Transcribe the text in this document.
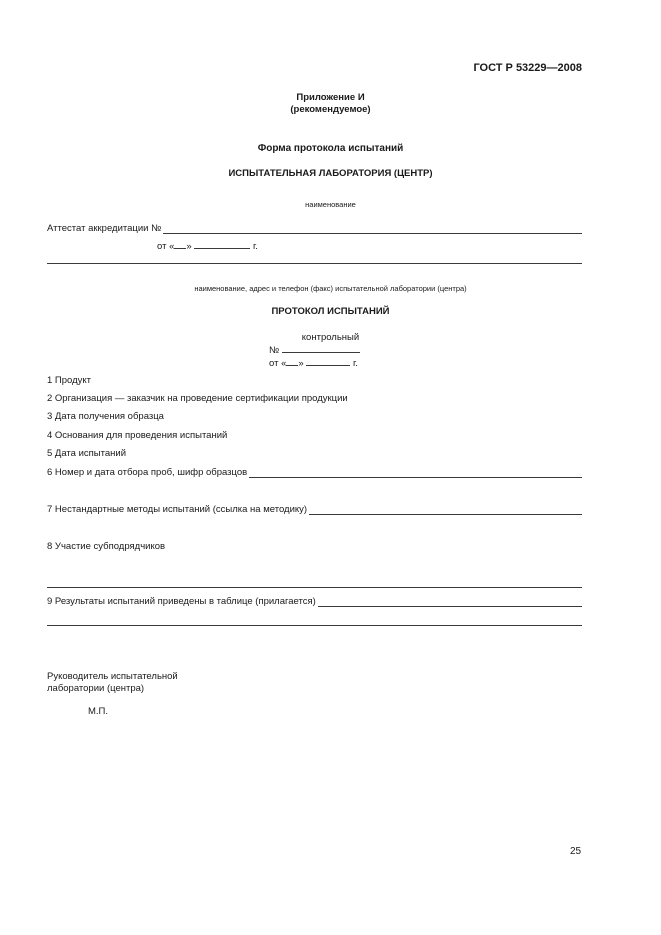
ГОСТ Р 53229—2008
Приложение И
(рекомендуемое)
Форма протокола испытаний
ИСПЫТАТЕЛЬНАЯ ЛАБОРАТОРИЯ (ЦЕНТР)
наименование
Аттестат аккредитации №
от « »	г.
наименование, адрес и телефон (факс) испытательной лаборатории (центра)
ПРОТОКОЛ ИСПЫТАНИЙ
контрольный
№
от « »	г.
1 Продукт
2 Организация — заказчик на проведение сертификации продукции
3 Дата получения образца
4 Основания для проведения испытаний
5 Дата испытаний
6 Номер и дата отбора проб, шифр образцов
7 Нестандартные методы испытаний (ссылка на методику)
8 Участие субподрядчиков
9 Результаты испытаний приведены в таблице (прилагается)
Руководитель испытательной
лаборатории (центра)
М.П.
25
